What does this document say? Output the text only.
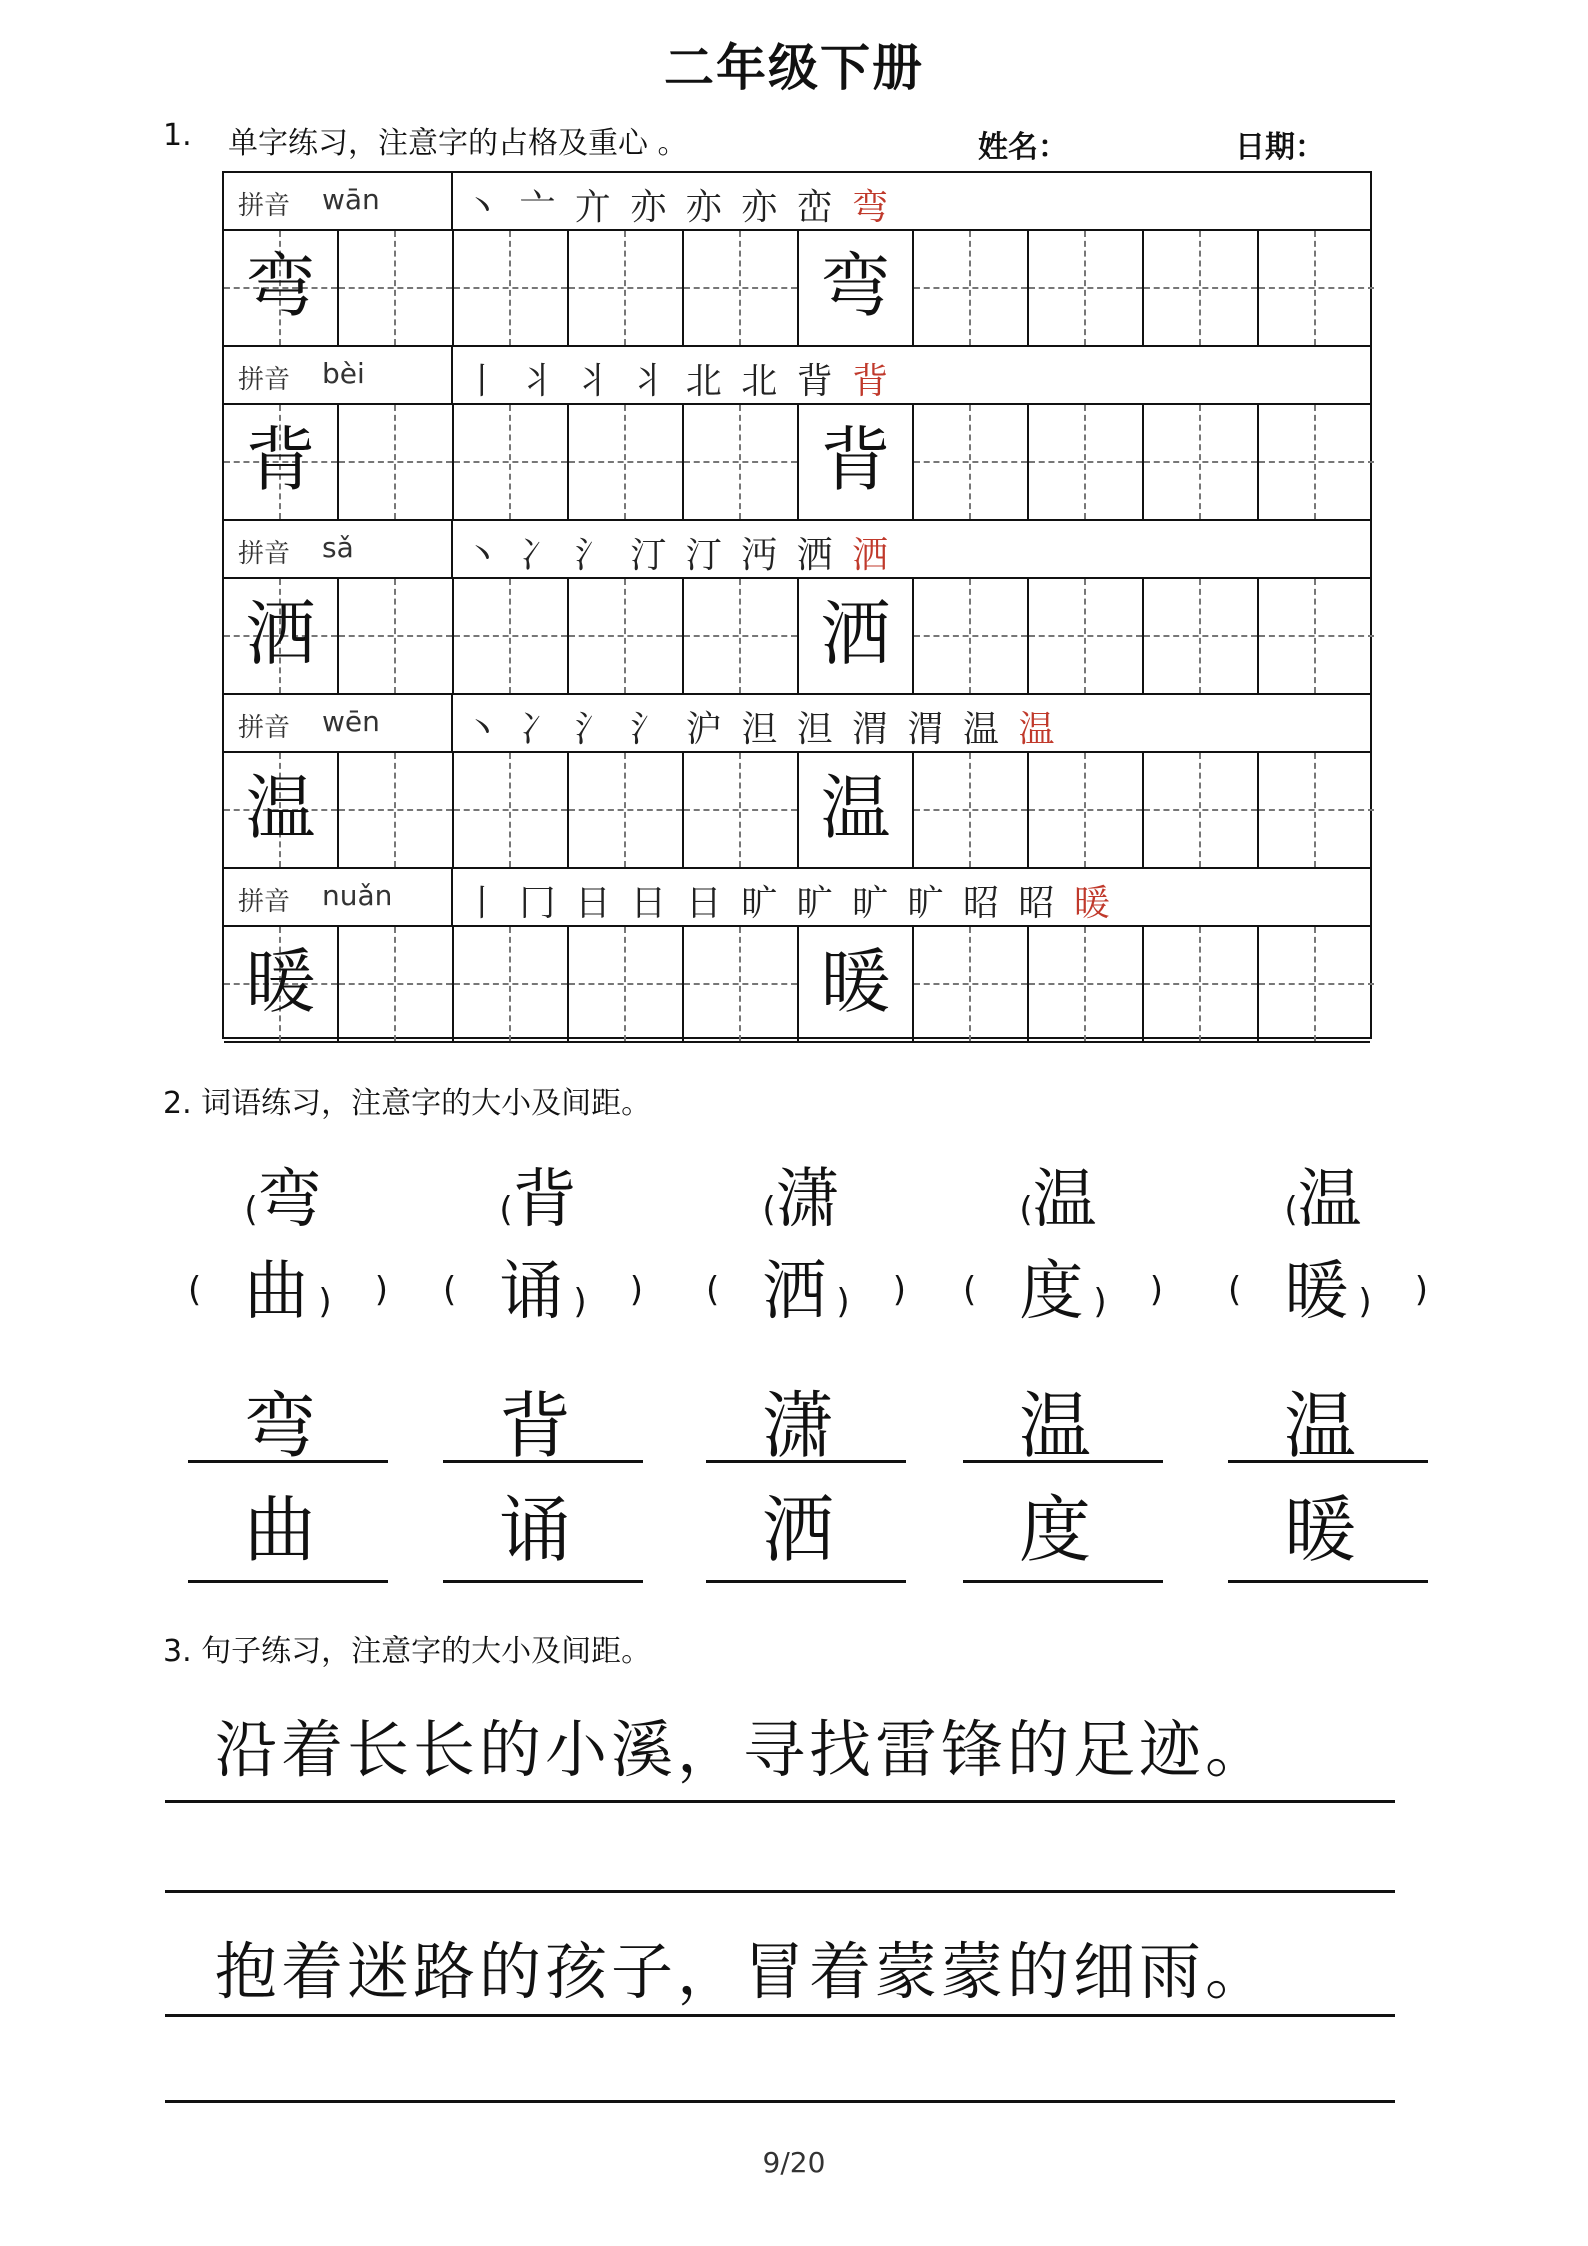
二年级下册
1. 单字练习，注意字的占格及重心 。	姓名：	日期：
拼音 wān 丶 亠 亣 亦 亦 亦 峦 弯
弯	弯
拼音 bèi	丨 丬 丬 丬 北 北 背 背
背	背
拼音 sǎ	丶 冫 氵 汀 汀 沔 洒 洒
洒	洒
拼音 wēn 丶 冫 氵 氵 沪 泹 泹 渭 渭 温 温
温	温
拼音 nuǎn 丨 冂 日 日 日 旷 旷 旷 旷 昭 昭 暖
暖	暖
2. 词语练习，注意字的大小及间距。
(弯 曲)
(	)
弯 曲
(背 诵)
(	)
背 诵
(潇 洒)
(	)
潇 洒
(温 度)
(	)
温 度
(温 暖)
(	)
温 暖
3. 句子练习，注意字的大小及间距。
沿着长长的小溪，寻找雷锋的足迹。
抱着迷路的孩子，冒着蒙蒙的细雨。
9/20
